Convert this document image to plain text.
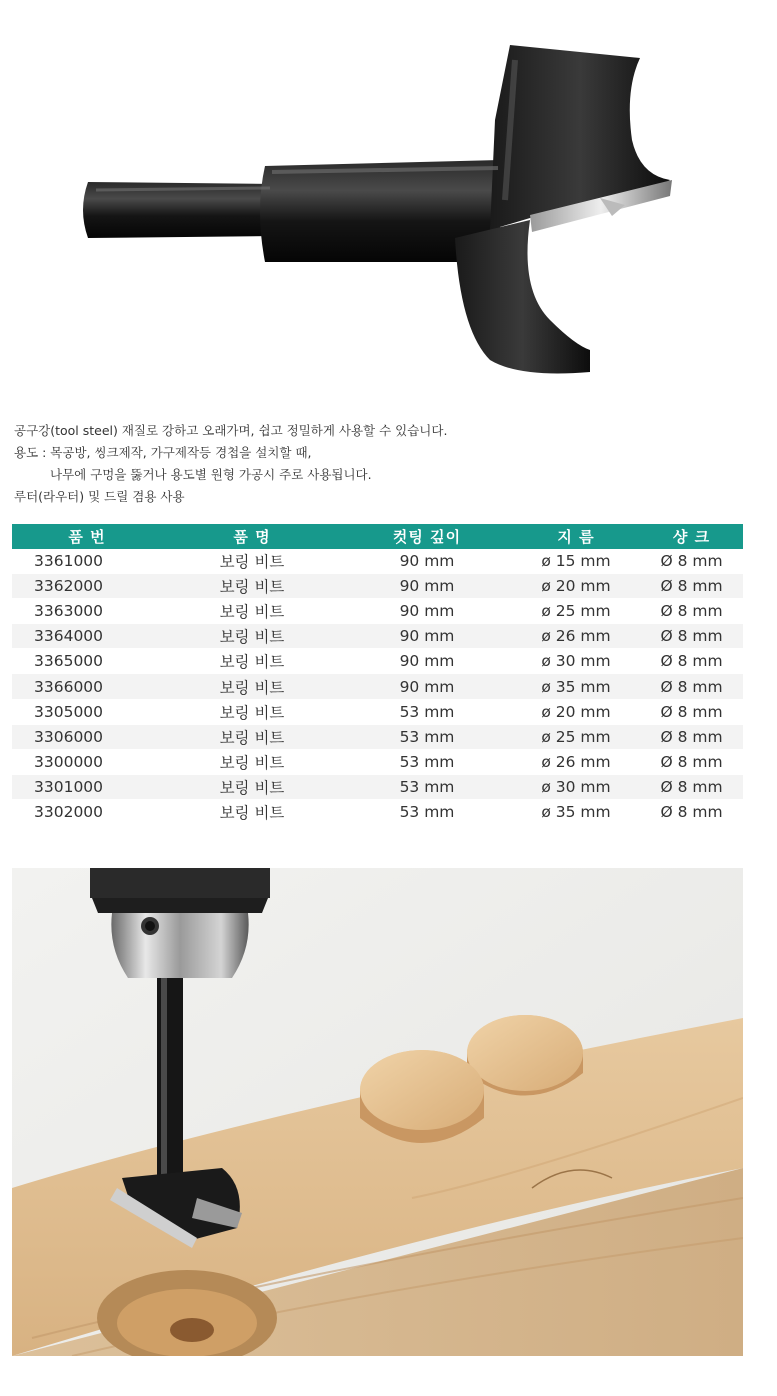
공구강(tool steel) 재질로 강하고 오래가며, 쉽고 정밀하게 사용할 수 있습니다.
용도 : 목공방, 씽크제작, 가구제작등 경첩을 설치할 때,
나무에 구멍을 뚫거나 용도별 원형 가공시 주로 사용됩니다.
루터(라우터) 및 드릴 겸용 사용
품 번	품 명	컷팅 깊이	지 름	샹 크
3361000	보링 비트	90 mm	ø 15 mm	Ø 8 mm
3362000	보링 비트	90 mm	ø 20 mm	Ø 8 mm
3363000	보링 비트	90 mm	ø 25 mm	Ø 8 mm
3364000	보링 비트	90 mm	ø 26 mm	Ø 8 mm
3365000	보링 비트	90 mm	ø 30 mm	Ø 8 mm
3366000	보링 비트	90 mm	ø 35 mm	Ø 8 mm
3305000	보링 비트	53 mm	ø 20 mm	Ø 8 mm
3306000	보링 비트	53 mm	ø 25 mm	Ø 8 mm
3300000	보링 비트	53 mm	ø 26 mm	Ø 8 mm
3301000	보링 비트	53 mm	ø 30 mm	Ø 8 mm
3302000	보링 비트	53 mm	ø 35 mm	Ø 8 mm
